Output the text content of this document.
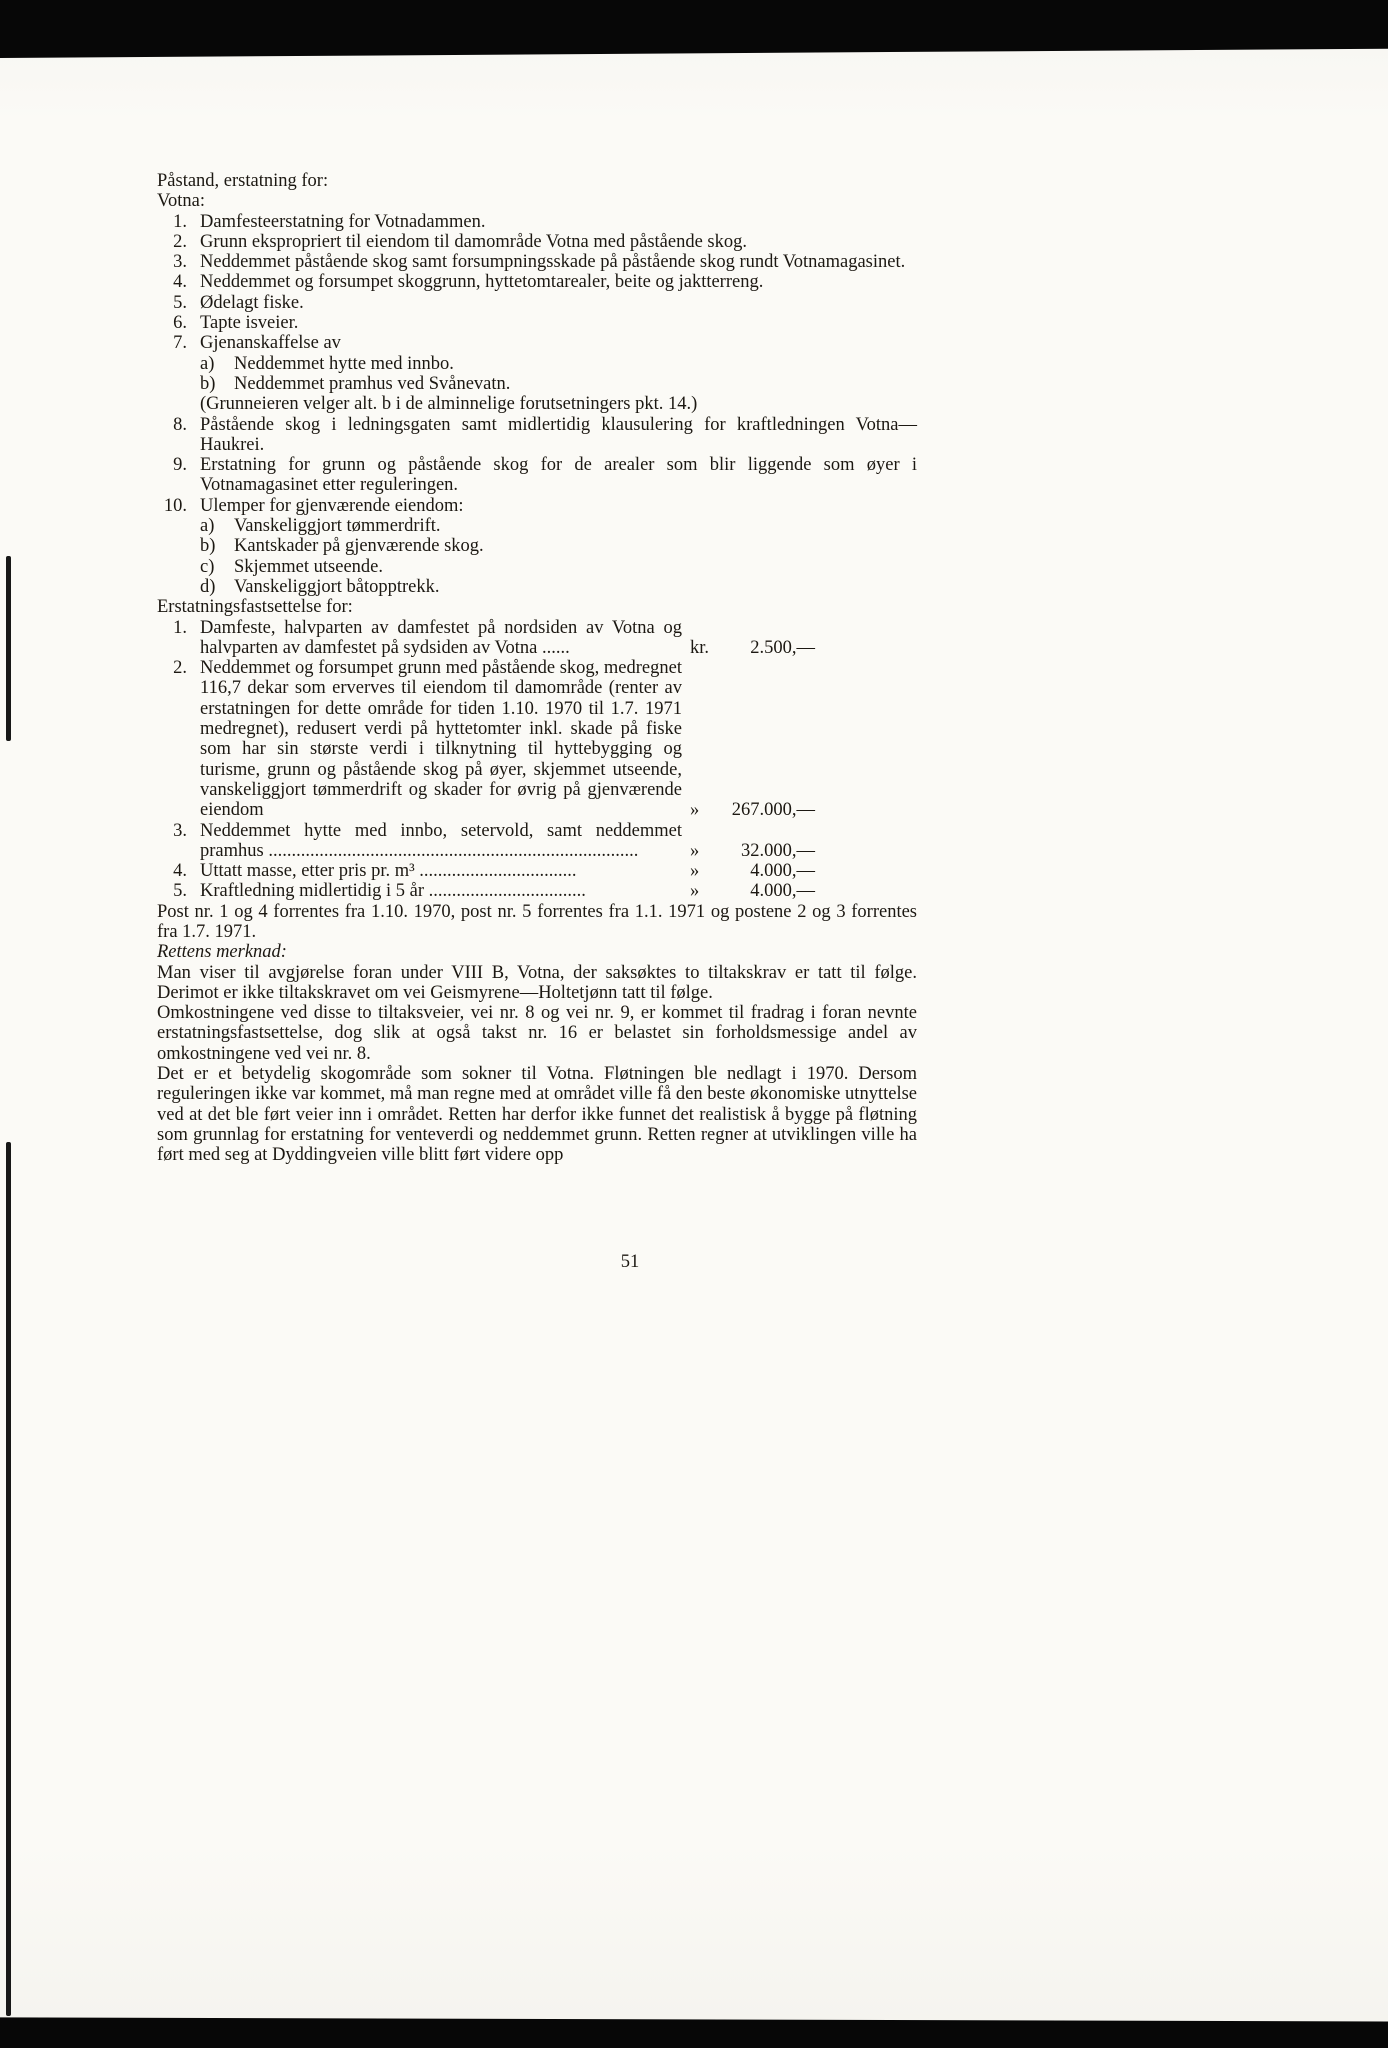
Påstand, erstatning for:
Votna:
1. Damfesteerstatning for Votnadammen.
2. Grunn ekspropriert til eiendom til damområde Votna med påstående skog.
3. Neddemmet påstående skog samt forsumpningsskade på påstående skog rundt Votnamagasinet.
4. Neddemmet og forsumpet skoggrunn, hyttetomtarealer, beite og jaktterreng.
5. Ødelagt fiske.
6. Tapte isveier.
7. Gjenanskaffelse av
a)	Neddemmet hytte med innbo.
b)	Neddemmet pramhus ved Svånevatn.
(Grunneieren velger alt. b i de alminnelige forutsetningers pkt. 14.)
8. Påstående skog i ledningsgaten samt midlertidig klausulering for kraftledningen Votna—Haukrei.
9. Erstatning for grunn og påstående skog for de arealer som blir liggende som øyer i Votnamagasinet etter reguleringen.
10. Ulemper for gjenværende eiendom:
a)	Vanskeliggjort tømmerdrift.
b)	Kantskader på gjenværende skog.
c)	Skjemmet utseende.
d)	Vanskeliggjort båtopptrekk.
Erstatningsfastsettelse for:
1. Damfeste, halvparten av damfestet på nordsiden av Votna og halvparten av damfestet på sydsiden av Votna ......	kr.	2.500,—
2. Neddemmet og forsumpet grunn med påstående skog, medregnet 116,7 dekar som erverves til eiendom til damområde (renter av erstatningen for dette område for tiden 1.10. 1970 til 1.7. 1971 medregnet), redusert verdi på hyttetomter inkl. skade på fiske som har sin største verdi i tilknytning til hyttebygging og turisme, grunn og påstående skog på øyer, skjemmet utseende, vanskeliggjort tømmerdrift og skader for øvrig på gjenværende eiendom	»	267.000,—
3. Neddemmet hytte med innbo, setervold, samt neddemmet pramhus ................................................................................	»	32.000,—
4. Uttatt masse, etter pris pr. m³ ..................................	»	4.000,—
5. Kraftledning midlertidig i 5 år ..................................	»	4.000,—
Post nr. 1 og 4 forrentes fra 1.10. 1970, post nr. 5 forrentes fra 1.1. 1971 og postene 2 og 3 forrentes fra 1.7. 1971.
Rettens merknad:
Man viser til avgjørelse foran under VIII B, Votna, der saksøktes to tiltakskrav er tatt til følge. Derimot er ikke tiltakskravet om vei Geismyrene—Holtetjønn tatt til følge.
Omkostningene ved disse to tiltaksveier, vei nr. 8 og vei nr. 9, er kommet til fradrag i foran nevnte erstatningsfastsettelse, dog slik at også takst nr. 16 er belastet sin forholdsmessige andel av omkostningene ved vei nr. 8.
Det er et betydelig skogområde som sokner til Votna. Fløtningen ble nedlagt i 1970. Dersom reguleringen ikke var kommet, må man regne med at området ville få den beste økonomiske utnyttelse ved at det ble ført veier inn i området. Retten har derfor ikke funnet det realistisk å bygge på fløtning som grunnlag for erstatning for venteverdi og neddemmet grunn. Retten regner at utviklingen ville ha ført med seg at Dyddingveien ville blitt ført videre opp
51
